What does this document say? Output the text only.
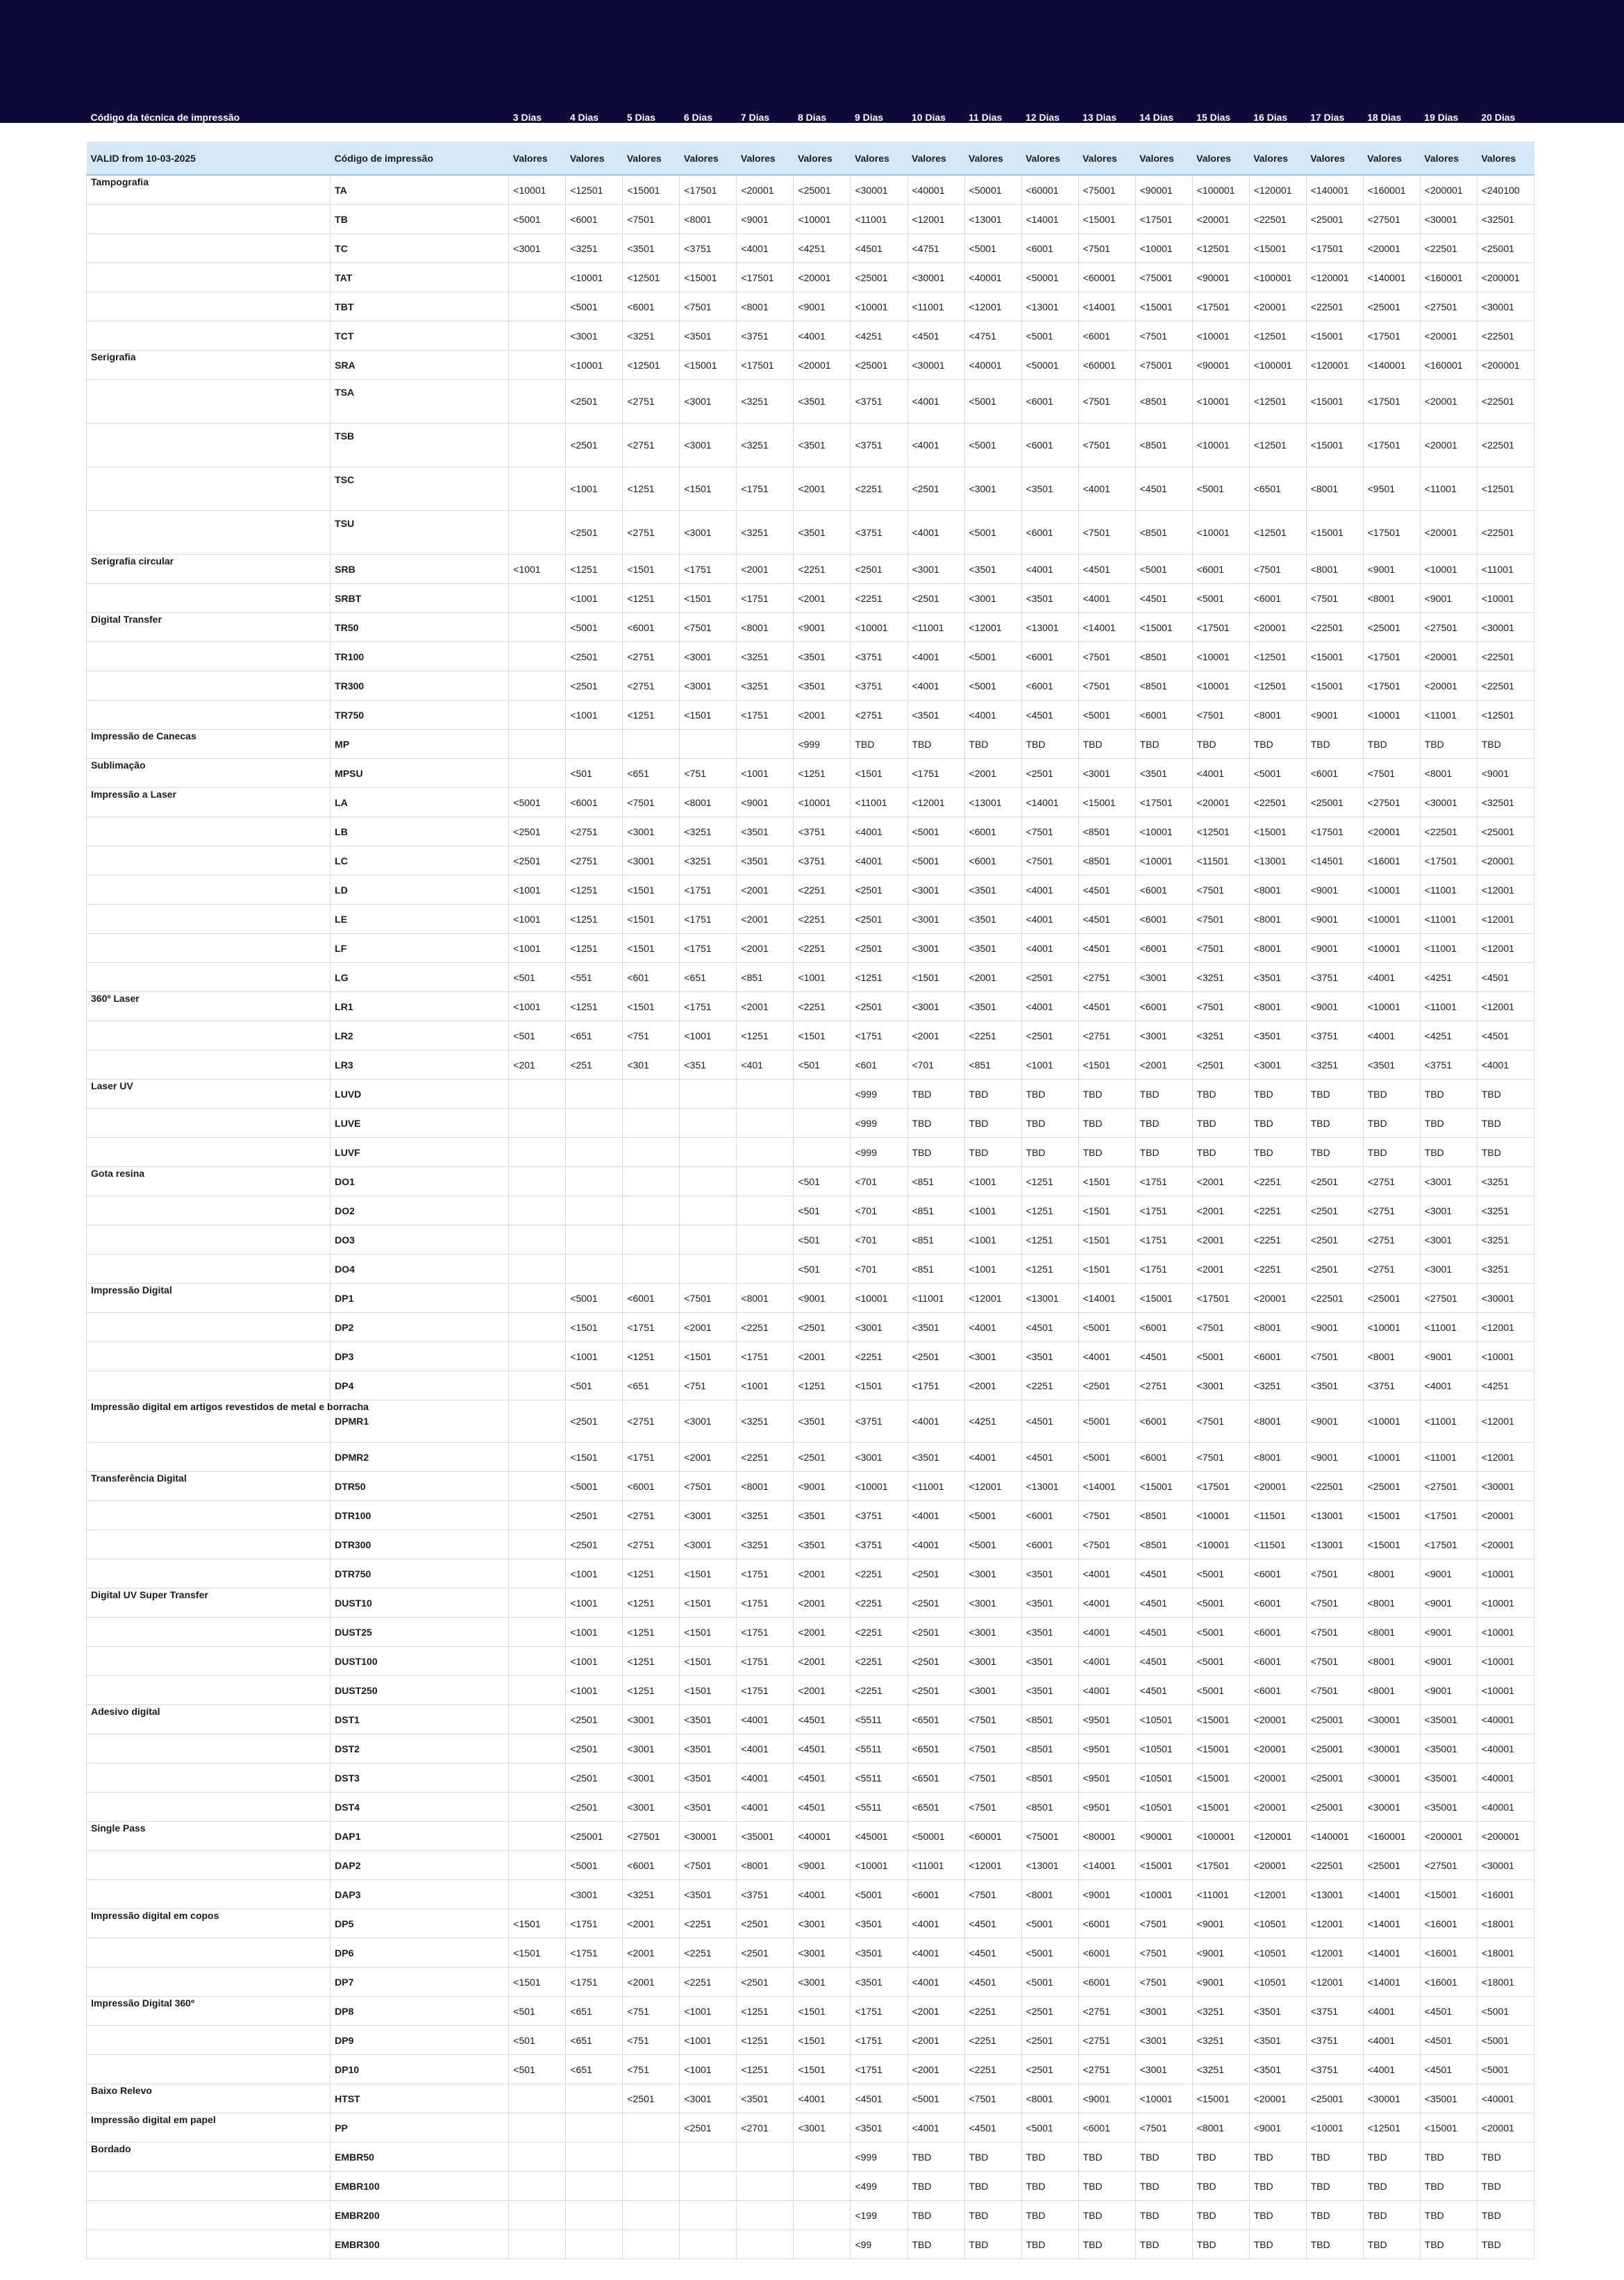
Código da técnica de impressão		3 Dias	4 Dias	5 Dias	6 Dias	7 Dias	8 Dias	9 Dias	10 Dias	11 Dias	12 Dias	13 Dias	14 Dias	15 Dias	16 Dias	17 Dias	18 Dias	19 Dias	20 Dias
VALID from 10-03-2025	Código de impressão	Valores	Valores	Valores	Valores	Valores	Valores	Valores	Valores	Valores	Valores	Valores	Valores	Valores	Valores	Valores	Valores	Valores	Valores
Tampografia	TA	<10001	<12501	<15001	<17501	<20001	<25001	<30001	<40001	<50001	<60001	<75001	<90001	<100001	<120001	<140001	<160001	<200001	<240100
	TB	<5001	<6001	<7501	<8001	<9001	<10001	<11001	<12001	<13001	<14001	<15001	<17501	<20001	<22501	<25001	<27501	<30001	<32501
	TC	<3001	<3251	<3501	<3751	<4001	<4251	<4501	<4751	<5001	<6001	<7501	<10001	<12501	<15001	<17501	<20001	<22501	<25001
	TAT		<10001	<12501	<15001	<17501	<20001	<25001	<30001	<40001	<50001	<60001	<75001	<90001	<100001	<120001	<140001	<160001	<200001
	TBT		<5001	<6001	<7501	<8001	<9001	<10001	<11001	<12001	<13001	<14001	<15001	<17501	<20001	<22501	<25001	<27501	<30001
	TCT		<3001	<3251	<3501	<3751	<4001	<4251	<4501	<4751	<5001	<6001	<7501	<10001	<12501	<15001	<17501	<20001	<22501
Serigrafia	SRA		<10001	<12501	<15001	<17501	<20001	<25001	<30001	<40001	<50001	<60001	<75001	<90001	<100001	<120001	<140001	<160001	<200001
	TSA		<2501	<2751	<3001	<3251	<3501	<3751	<4001	<5001	<6001	<7501	<8501	<10001	<12501	<15001	<17501	<20001	<22501
	TSB		<2501	<2751	<3001	<3251	<3501	<3751	<4001	<5001	<6001	<7501	<8501	<10001	<12501	<15001	<17501	<20001	<22501
	TSC		<1001	<1251	<1501	<1751	<2001	<2251	<2501	<3001	<3501	<4001	<4501	<5001	<6501	<8001	<9501	<11001	<12501
	TSU		<2501	<2751	<3001	<3251	<3501	<3751	<4001	<5001	<6001	<7501	<8501	<10001	<12501	<15001	<17501	<20001	<22501
Serigrafia circular	SRB	<1001	<1251	<1501	<1751	<2001	<2251	<2501	<3001	<3501	<4001	<4501	<5001	<6001	<7501	<8001	<9001	<10001	<11001
	SRBT		<1001	<1251	<1501	<1751	<2001	<2251	<2501	<3001	<3501	<4001	<4501	<5001	<6001	<7501	<8001	<9001	<10001
Digital Transfer	TR50		<5001	<6001	<7501	<8001	<9001	<10001	<11001	<12001	<13001	<14001	<15001	<17501	<20001	<22501	<25001	<27501	<30001
	TR100		<2501	<2751	<3001	<3251	<3501	<3751	<4001	<5001	<6001	<7501	<8501	<10001	<12501	<15001	<17501	<20001	<22501
	TR300		<2501	<2751	<3001	<3251	<3501	<3751	<4001	<5001	<6001	<7501	<8501	<10001	<12501	<15001	<17501	<20001	<22501
	TR750		<1001	<1251	<1501	<1751	<2001	<2751	<3501	<4001	<4501	<5001	<6001	<7501	<8001	<9001	<10001	<11001	<12501
Impressão de Canecas	MP						<999	TBD	TBD	TBD	TBD	TBD	TBD	TBD	TBD	TBD	TBD	TBD	TBD
Sublimação	MPSU		<501	<651	<751	<1001	<1251	<1501	<1751	<2001	<2501	<3001	<3501	<4001	<5001	<6001	<7501	<8001	<9001
Impressão a Laser	LA	<5001	<6001	<7501	<8001	<9001	<10001	<11001	<12001	<13001	<14001	<15001	<17501	<20001	<22501	<25001	<27501	<30001	<32501
	LB	<2501	<2751	<3001	<3251	<3501	<3751	<4001	<5001	<6001	<7501	<8501	<10001	<12501	<15001	<17501	<20001	<22501	<25001
	LC	<2501	<2751	<3001	<3251	<3501	<3751	<4001	<5001	<6001	<7501	<8501	<10001	<11501	<13001	<14501	<16001	<17501	<20001
	LD	<1001	<1251	<1501	<1751	<2001	<2251	<2501	<3001	<3501	<4001	<4501	<6001	<7501	<8001	<9001	<10001	<11001	<12001
	LE	<1001	<1251	<1501	<1751	<2001	<2251	<2501	<3001	<3501	<4001	<4501	<6001	<7501	<8001	<9001	<10001	<11001	<12001
	LF	<1001	<1251	<1501	<1751	<2001	<2251	<2501	<3001	<3501	<4001	<4501	<6001	<7501	<8001	<9001	<10001	<11001	<12001
	LG	<501	<551	<601	<651	<851	<1001	<1251	<1501	<2001	<2501	<2751	<3001	<3251	<3501	<3751	<4001	<4251	<4501
360º Laser	LR1	<1001	<1251	<1501	<1751	<2001	<2251	<2501	<3001	<3501	<4001	<4501	<6001	<7501	<8001	<9001	<10001	<11001	<12001
	LR2	<501	<651	<751	<1001	<1251	<1501	<1751	<2001	<2251	<2501	<2751	<3001	<3251	<3501	<3751	<4001	<4251	<4501
	LR3	<201	<251	<301	<351	<401	<501	<601	<701	<851	<1001	<1501	<2001	<2501	<3001	<3251	<3501	<3751	<4001
Laser UV	LUVD							<999	TBD	TBD	TBD	TBD	TBD	TBD	TBD	TBD	TBD	TBD	TBD
	LUVE							<999	TBD	TBD	TBD	TBD	TBD	TBD	TBD	TBD	TBD	TBD	TBD
	LUVF							<999	TBD	TBD	TBD	TBD	TBD	TBD	TBD	TBD	TBD	TBD	TBD
Gota resina	DO1						<501	<701	<851	<1001	<1251	<1501	<1751	<2001	<2251	<2501	<2751	<3001	<3251
	DO2						<501	<701	<851	<1001	<1251	<1501	<1751	<2001	<2251	<2501	<2751	<3001	<3251
	DO3						<501	<701	<851	<1001	<1251	<1501	<1751	<2001	<2251	<2501	<2751	<3001	<3251
	DO4						<501	<701	<851	<1001	<1251	<1501	<1751	<2001	<2251	<2501	<2751	<3001	<3251
Impressão Digital	DP1		<5001	<6001	<7501	<8001	<9001	<10001	<11001	<12001	<13001	<14001	<15001	<17501	<20001	<22501	<25001	<27501	<30001
	DP2		<1501	<1751	<2001	<2251	<2501	<3001	<3501	<4001	<4501	<5001	<6001	<7501	<8001	<9001	<10001	<11001	<12001
	DP3		<1001	<1251	<1501	<1751	<2001	<2251	<2501	<3001	<3501	<4001	<4501	<5001	<6001	<7501	<8001	<9001	<10001
	DP4		<501	<651	<751	<1001	<1251	<1501	<1751	<2001	<2251	<2501	<2751	<3001	<3251	<3501	<3751	<4001	<4251
Impressão digital em artigos revestidos de metal e borracha	DPMR1		<2501	<2751	<3001	<3251	<3501	<3751	<4001	<4251	<4501	<5001	<6001	<7501	<8001	<9001	<10001	<11001	<12001
	DPMR2		<1501	<1751	<2001	<2251	<2501	<3001	<3501	<4001	<4501	<5001	<6001	<7501	<8001	<9001	<10001	<11001	<12001
Transferência Digital	DTR50		<5001	<6001	<7501	<8001	<9001	<10001	<11001	<12001	<13001	<14001	<15001	<17501	<20001	<22501	<25001	<27501	<30001
	DTR100		<2501	<2751	<3001	<3251	<3501	<3751	<4001	<5001	<6001	<7501	<8501	<10001	<11501	<13001	<15001	<17501	<20001
	DTR300		<2501	<2751	<3001	<3251	<3501	<3751	<4001	<5001	<6001	<7501	<8501	<10001	<11501	<13001	<15001	<17501	<20001
	DTR750		<1001	<1251	<1501	<1751	<2001	<2251	<2501	<3001	<3501	<4001	<4501	<5001	<6001	<7501	<8001	<9001	<10001
Digital UV Super Transfer	DUST10		<1001	<1251	<1501	<1751	<2001	<2251	<2501	<3001	<3501	<4001	<4501	<5001	<6001	<7501	<8001	<9001	<10001
	DUST25		<1001	<1251	<1501	<1751	<2001	<2251	<2501	<3001	<3501	<4001	<4501	<5001	<6001	<7501	<8001	<9001	<10001
	DUST100		<1001	<1251	<1501	<1751	<2001	<2251	<2501	<3001	<3501	<4001	<4501	<5001	<6001	<7501	<8001	<9001	<10001
	DUST250		<1001	<1251	<1501	<1751	<2001	<2251	<2501	<3001	<3501	<4001	<4501	<5001	<6001	<7501	<8001	<9001	<10001
Adesivo digital	DST1		<2501	<3001	<3501	<4001	<4501	<5511	<6501	<7501	<8501	<9501	<10501	<15001	<20001	<25001	<30001	<35001	<40001
	DST2		<2501	<3001	<3501	<4001	<4501	<5511	<6501	<7501	<8501	<9501	<10501	<15001	<20001	<25001	<30001	<35001	<40001
	DST3		<2501	<3001	<3501	<4001	<4501	<5511	<6501	<7501	<8501	<9501	<10501	<15001	<20001	<25001	<30001	<35001	<40001
	DST4		<2501	<3001	<3501	<4001	<4501	<5511	<6501	<7501	<8501	<9501	<10501	<15001	<20001	<25001	<30001	<35001	<40001
Single Pass	DAP1		<25001	<27501	<30001	<35001	<40001	<45001	<50001	<60001	<75001	<80001	<90001	<100001	<120001	<140001	<160001	<200001	<200001
	DAP2		<5001	<6001	<7501	<8001	<9001	<10001	<11001	<12001	<13001	<14001	<15001	<17501	<20001	<22501	<25001	<27501	<30001
	DAP3		<3001	<3251	<3501	<3751	<4001	<5001	<6001	<7501	<8001	<9001	<10001	<11001	<12001	<13001	<14001	<15001	<16001
Impressão digital em copos	DP5	<1501	<1751	<2001	<2251	<2501	<3001	<3501	<4001	<4501	<5001	<6001	<7501	<9001	<10501	<12001	<14001	<16001	<18001
	DP6	<1501	<1751	<2001	<2251	<2501	<3001	<3501	<4001	<4501	<5001	<6001	<7501	<9001	<10501	<12001	<14001	<16001	<18001
	DP7	<1501	<1751	<2001	<2251	<2501	<3001	<3501	<4001	<4501	<5001	<6001	<7501	<9001	<10501	<12001	<14001	<16001	<18001
Impressão Digital 360º	DP8	<501	<651	<751	<1001	<1251	<1501	<1751	<2001	<2251	<2501	<2751	<3001	<3251	<3501	<3751	<4001	<4501	<5001
	DP9	<501	<651	<751	<1001	<1251	<1501	<1751	<2001	<2251	<2501	<2751	<3001	<3251	<3501	<3751	<4001	<4501	<5001
	DP10	<501	<651	<751	<1001	<1251	<1501	<1751	<2001	<2251	<2501	<2751	<3001	<3251	<3501	<3751	<4001	<4501	<5001
Baixo Relevo	HTST			<2501	<3001	<3501	<4001	<4501	<5001	<7501	<8001	<9001	<10001	<15001	<20001	<25001	<30001	<35001	<40001
Impressão digital em papel	PP				<2501	<2701	<3001	<3501	<4001	<4501	<5001	<6001	<7501	<8001	<9001	<10001	<12501	<15001	<20001
Bordado	EMBR50							<999	TBD	TBD	TBD	TBD	TBD	TBD	TBD	TBD	TBD	TBD	TBD
	EMBR100							<499	TBD	TBD	TBD	TBD	TBD	TBD	TBD	TBD	TBD	TBD	TBD
	EMBR200							<199	TBD	TBD	TBD	TBD	TBD	TBD	TBD	TBD	TBD	TBD	TBD
	EMBR300							<99	TBD	TBD	TBD	TBD	TBD	TBD	TBD	TBD	TBD	TBD	TBD
